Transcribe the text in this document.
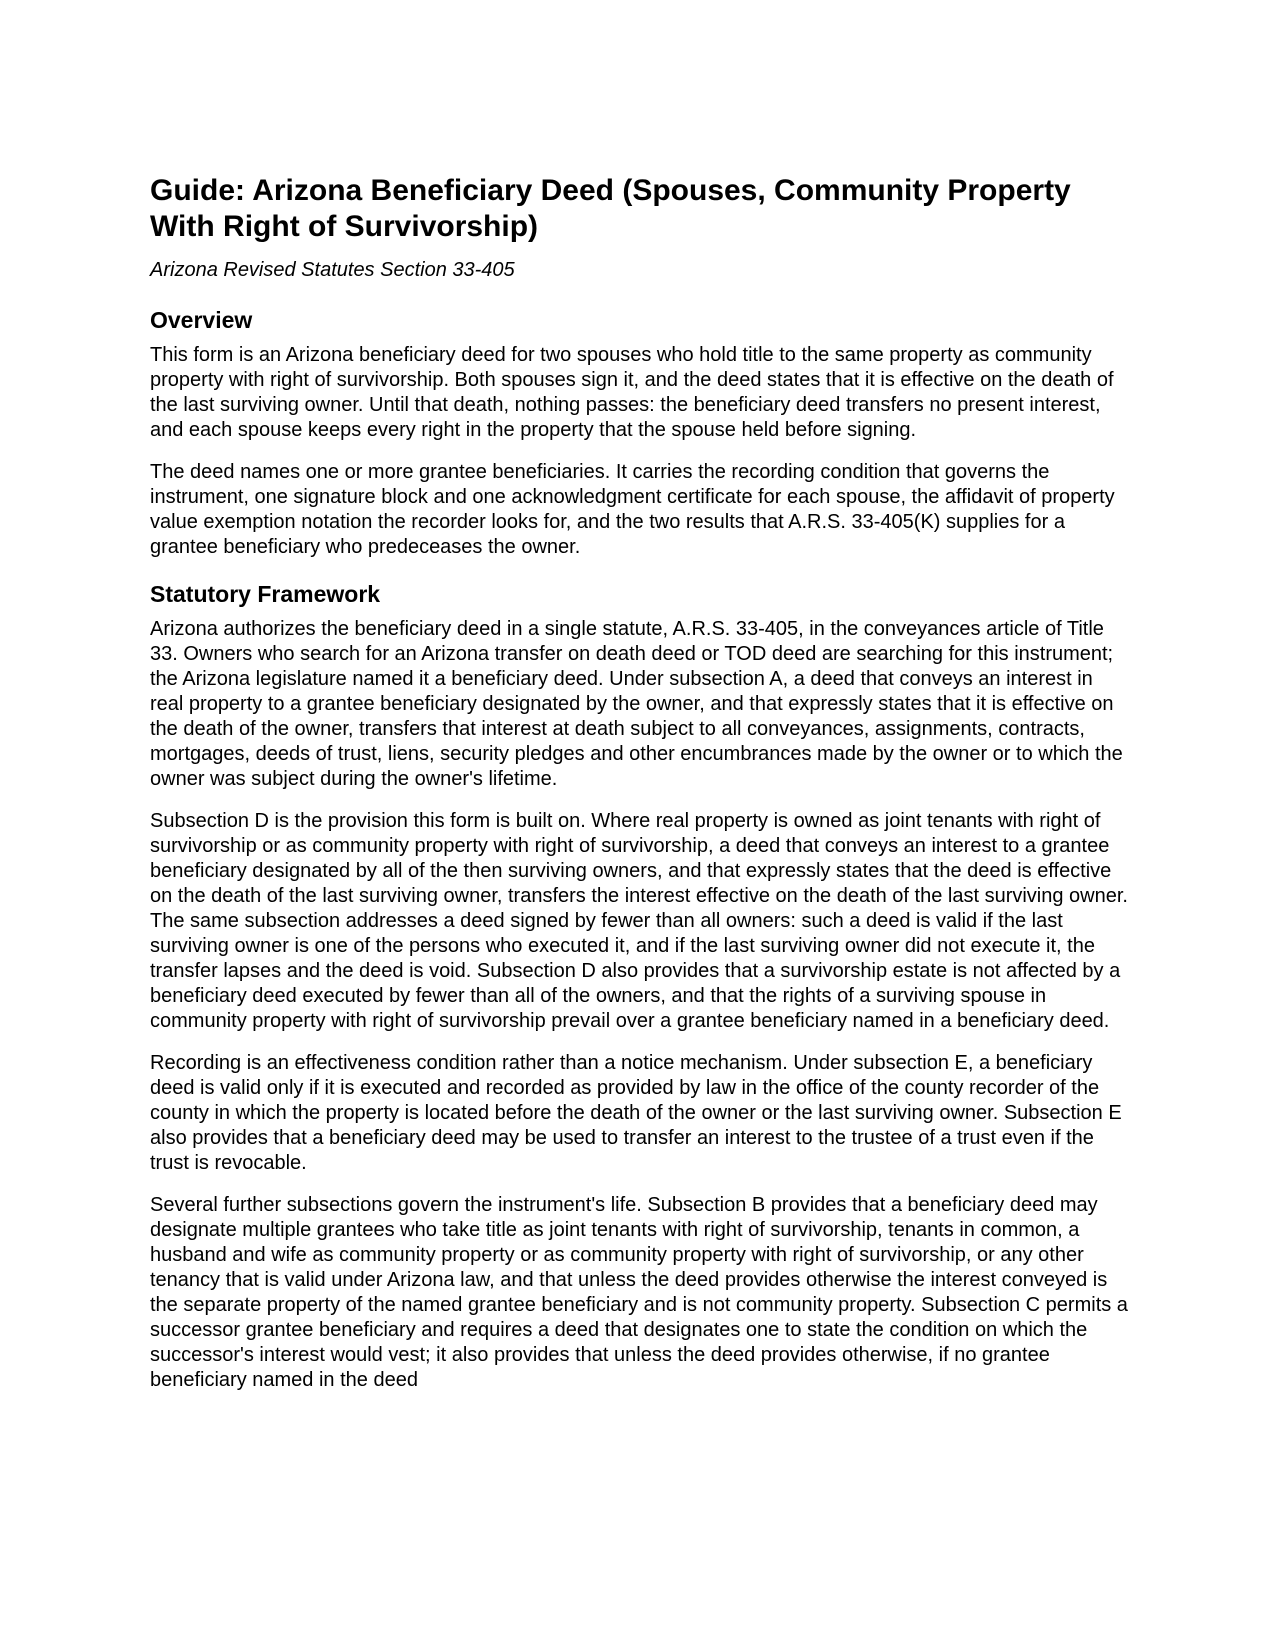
Guide: Arizona Beneficiary Deed (Spouses, Community Property With Right of Survivorship)
Arizona Revised Statutes Section 33-405
Overview

This form is an Arizona beneficiary deed for two spouses who hold title to the same property as community property with right of survivorship. Both spouses sign it, and the deed states that it is effective on the death of the last surviving owner. Until that death, nothing passes: the beneficiary deed transfers no present interest, and each spouse keeps every right in the property that the spouse held before signing.

The deed names one or more grantee beneficiaries. It carries the recording condition that governs the instrument, one signature block and one acknowledgment certificate for each spouse, the affidavit of property value exemption notation the recorder looks for, and the two results that A.R.S. 33-405(K) supplies for a grantee beneficiary who predeceases the owner.

Statutory Framework

Arizona authorizes the beneficiary deed in a single statute, A.R.S. 33-405, in the conveyances article of Title 33. Owners who search for an Arizona transfer on death deed or TOD deed are searching for this instrument; the Arizona legislature named it a beneficiary deed. Under subsection A, a deed that conveys an interest in real property to a grantee beneficiary designated by the owner, and that expressly states that it is effective on the death of the owner, transfers that interest at death subject to all conveyances, assignments, contracts, mortgages, deeds of trust, liens, security pledges and other encumbrances made by the owner or to which the owner was subject during the owner's lifetime.

Subsection D is the provision this form is built on. Where real property is owned as joint tenants with right of survivorship or as community property with right of survivorship, a deed that conveys an interest to a grantee beneficiary designated by all of the then surviving owners, and that expressly states that the deed is effective on the death of the last surviving owner, transfers the interest effective on the death of the last surviving owner. The same subsection addresses a deed signed by fewer than all owners: such a deed is valid if the last surviving owner is one of the persons who executed it, and if the last surviving owner did not execute it, the transfer lapses and the deed is void. Subsection D also provides that a survivorship estate is not affected by a beneficiary deed executed by fewer than all of the owners, and that the rights of a surviving spouse in community property with right of survivorship prevail over a grantee beneficiary named in a beneficiary deed.

Recording is an effectiveness condition rather than a notice mechanism. Under subsection E, a beneficiary deed is valid only if it is executed and recorded as provided by law in the office of the county recorder of the county in which the property is located before the death of the owner or the last surviving owner. Subsection E also provides that a beneficiary deed may be used to transfer an interest to the trustee of a trust even if the trust is revocable.

Several further subsections govern the instrument's life. Subsection B provides that a beneficiary deed may designate multiple grantees who take title as joint tenants with right of survivorship, tenants in common, a husband and wife as community property or as community property with right of survivorship, or any other tenancy that is valid under Arizona law, and that unless the deed provides otherwise the interest conveyed is the separate property of the named grantee beneficiary and is not community property. Subsection C permits a successor grantee beneficiary and requires a deed that designates one to state the condition on which the successor's interest would vest; it also provides that unless the deed provides otherwise, if no grantee beneficiary named in the deed
